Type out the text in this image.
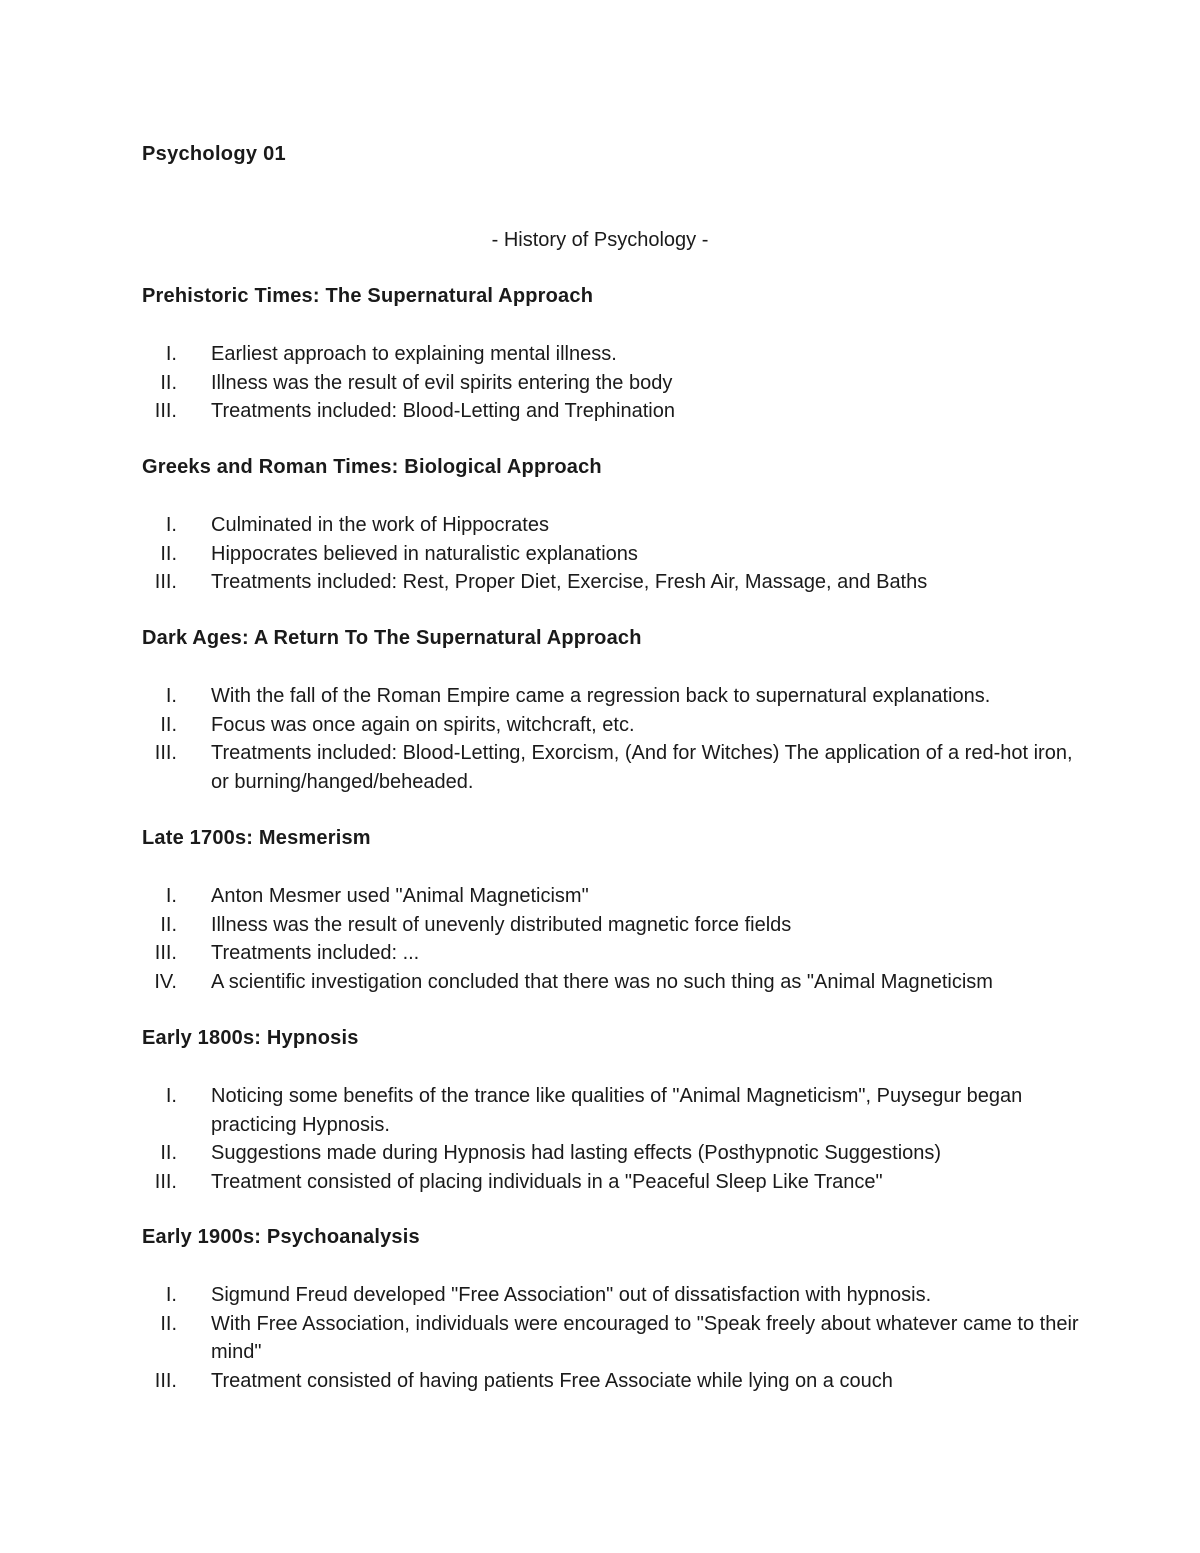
Psychology 01

- History of Psychology -

Prehistoric Times: The Supernatural Approach
I. Earliest approach to explaining mental illness.
II. Illness was the result of evil spirits entering the body
III. Treatments included: Blood-Letting and Trephination
Greeks and Roman Times: Biological Approach
I. Culminated in the work of Hippocrates
II. Hippocrates believed in naturalistic explanations
III. Treatments included: Rest, Proper Diet, Exercise, Fresh Air, Massage, and Baths
Dark Ages: A Return To The Supernatural Approach
I. With the fall of the Roman Empire came a regression back to supernatural explanations.
II. Focus was once again on spirits, witchcraft, etc.
III. Treatments included: Blood-Letting, Exorcism, (And for Witches) The application of a red-hot iron, or burning/hanged/beheaded.
Late 1700s: Mesmerism
I. Anton Mesmer used "Animal Magneticism"
II. Illness was the result of unevenly distributed magnetic force fields
III. Treatments included: ...
IV. A scientific investigation concluded that there was no such thing as "Animal Magneticism
Early 1800s: Hypnosis
I. Noticing some benefits of the trance like qualities of "Animal Magneticism", Puysegur began practicing Hypnosis.
II. Suggestions made during Hypnosis had lasting effects (Posthypnotic Suggestions)
III. Treatment consisted of placing individuals in a "Peaceful Sleep Like Trance"
Early 1900s: Psychoanalysis
I. Sigmund Freud developed "Free Association" out of dissatisfaction with hypnosis.
II. With Free Association, individuals were encouraged to "Speak freely about whatever came to their mind"
III. Treatment consisted of having patients Free Associate while lying on a couch
